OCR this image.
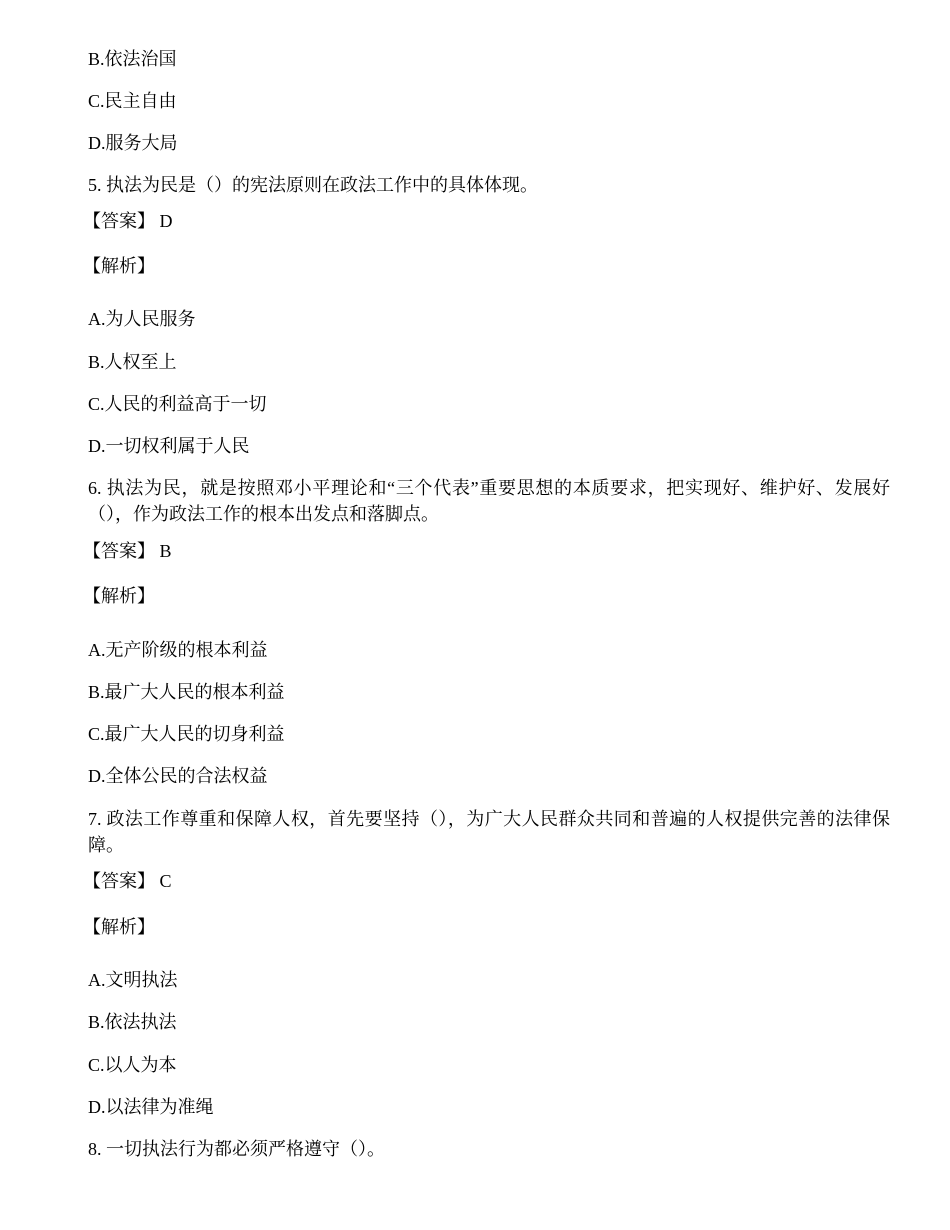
B.依法治国
C.民主自由
D.服务大局
5. 执法为民是（）的宪法原则在政法工作中的具体体现。
【答案】 D
【解析】
A.为人民服务
B.人权至上
C.人民的利益高于一切
D.一切权利属于人民
6. 执法为民，就是按照邓小平理论和“三个代表”重要思想的本质要求，把实现好、维护好、发展好（），作为政法工作的根本出发点和落脚点。
【答案】 B
【解析】
A.无产阶级的根本利益
B.最广大人民的根本利益
C.最广大人民的切身利益
D.全体公民的合法权益
7. 政法工作尊重和保障人权，首先要坚持（），为广大人民群众共同和普遍的人权提供完善的法律保障。
【答案】 C
【解析】
A.文明执法
B.依法执法
C.以人为本
D.以法律为准绳
8. 一切执法行为都必须严格遵守（）。
